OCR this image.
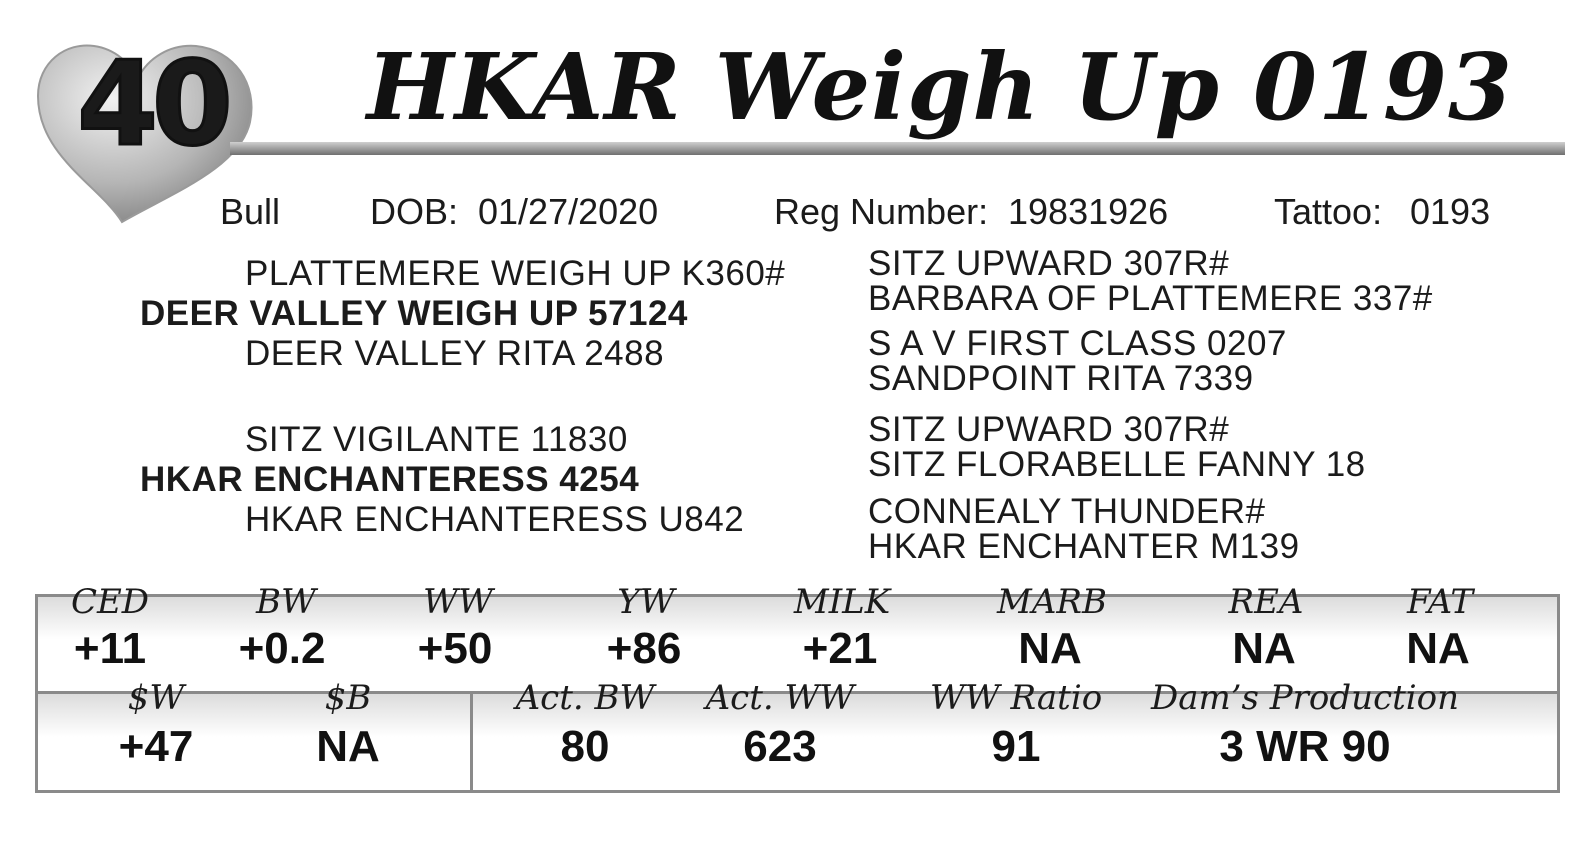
40 HKAR Weigh Up 0193
Bull DOB: 01/27/2020	Reg Number: 19831926	Tattoo: 0193
PLATTEMERE WEIGH UP K360#
DEER VALLEY WEIGH UP 57124
DEER VALLEY RITA 2488
SITZ VIGILANTE 11830
HKAR ENCHANTERESS 4254
HKAR ENCHANTERESS U842
SITZ UPWARD 307R#
BARBARA OF PLATTEMERE 337#
S A V FIRST CLASS 0207
SANDPOINT RITA 7339
SITZ UPWARD 307R#
SITZ FLORABELLE FANNY 18
CONNEALY THUNDER#
HKAR ENCHANTER M139
CED
+11
BW
+0.2
WW
+50
YW
+86
MILK
+21
MARB
NA
REA
NA
FAT
NA
$W
+47
$B
NA
Act. BW
80
Act. WW
623
WW Ratio
91
Dam’s Production
3 WR 90
